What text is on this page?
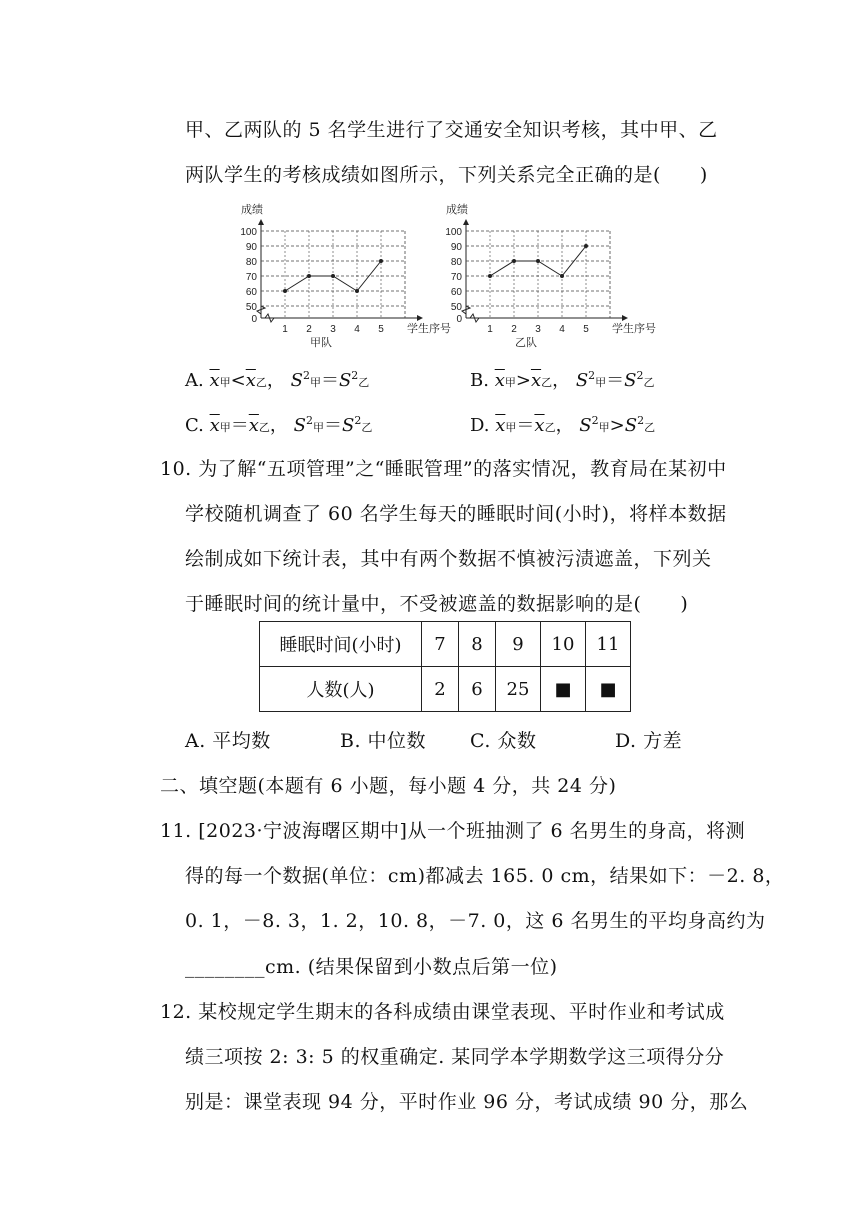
甲、乙两队的 5 名学生进行了交通安全知识考核，其中甲、乙
两队学生的考核成绩如图所示，下列关系完全正确的是(　　)
成绩
0
50
60
70
80
90
100
1 2 3 4 5 学生序号
甲队
成绩
0
50
60
70
80
90
100
1 2 3 4 5 学生序号
乙队
A. $\overline{x}$甲$<\overline{x}$乙， $S^2$甲$=S^2$乙	B. $\overline{x}$甲$>\overline{x}$乙， $S^2$甲$=S^2$乙
C. $\overline{x}$甲$=\overline{x}$乙， $S^2$甲$=S^2$乙	D. $\overline{x}$甲$=\overline{x}$乙， $S^2$甲$>S^2$乙
10. 为了解“五项管理”之“睡眠管理”的落实情况，教育局在某初中
学校随机调查了 60 名学生每天的睡眠时间(小时)，将样本数据
绘制成如下统计表，其中有两个数据不慎被污渍遮盖，下列关
于睡眠时间的统计量中，不受被遮盖的数据影响的是(　　)
睡眠时间(小时)	7	8	9	10	11
人数(人)	2	6	25	■	■
A. 平均数	B. 中位数 C. 众数	D. 方差
二、填空题(本题有 6 小题，每小题 4 分，共 24 分)
11. [2023·宁波海曙区期中]从一个班抽测了 6 名男生的身高，将测
得的每一个数据(单位：cm)都减去 165. 0 cm，结果如下：－2. 8，
0. 1，－8. 3，1. 2，10. 8，－7. 0，这 6 名男生的平均身高约为
________cm. (结果保留到小数点后第一位)
12. 某校规定学生期末的各科成绩由课堂表现、平时作业和考试成
绩三项按 2: 3: 5 的权重确定. 某同学本学期数学这三项得分分
别是：课堂表现 94 分，平时作业 96 分，考试成绩 90 分，那么
